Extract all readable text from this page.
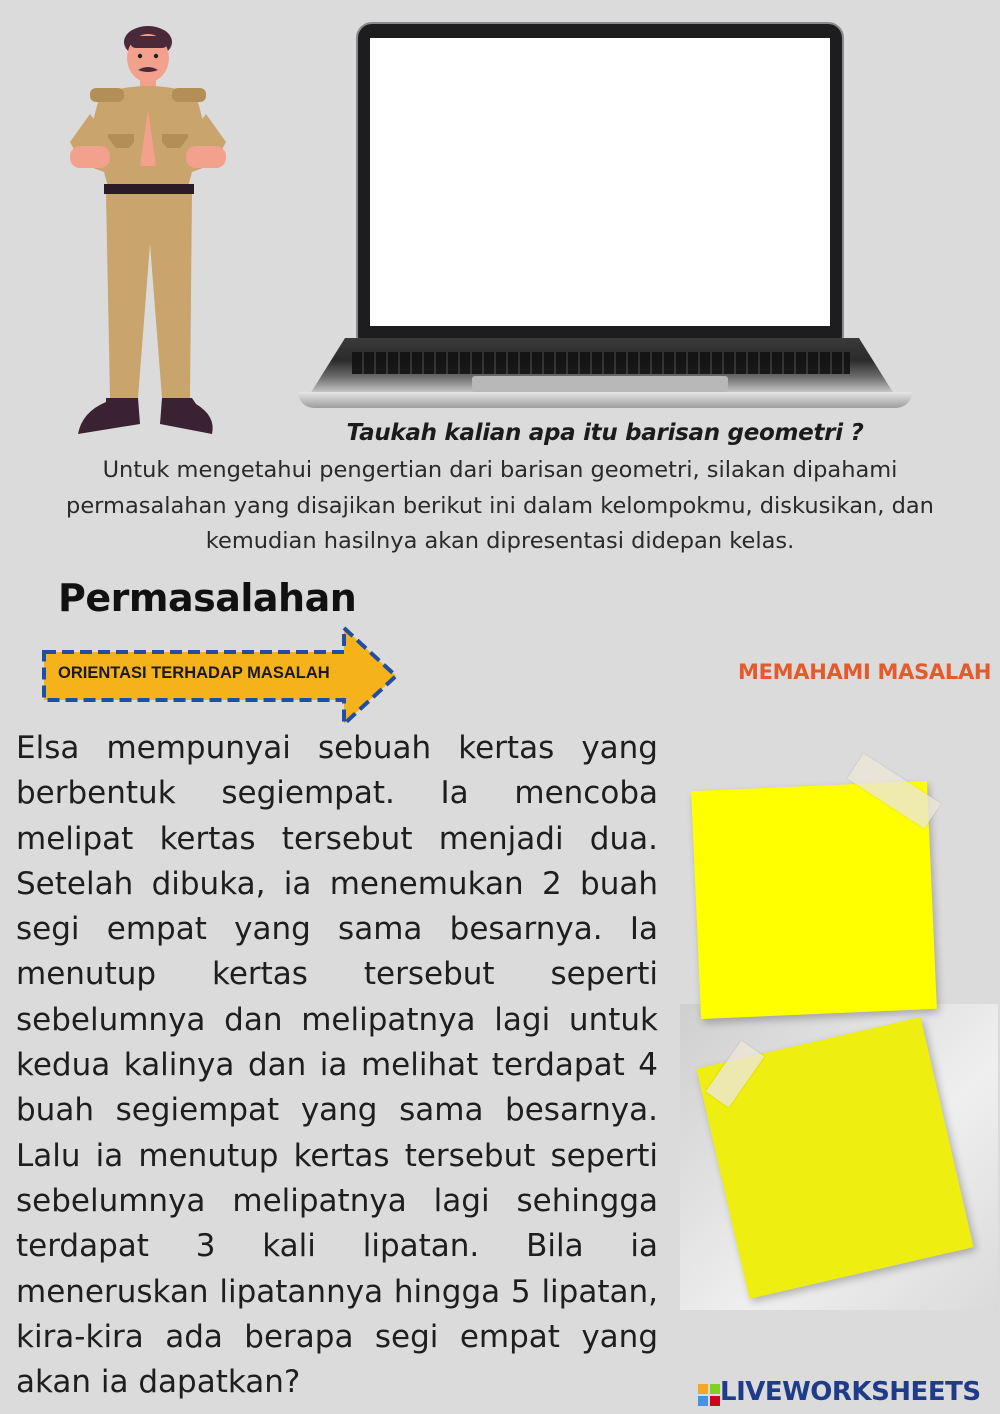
Taukah kalian apa itu barisan geometri ?
Untuk mengetahui pengertian dari barisan geometri, silakan dipahami permasalahan yang disajikan berikut ini dalam kelompokmu, diskusikan, dan kemudian hasilnya akan dipresentasi didepan kelas.
Permasalahan
ORIENTASI TERHADAP MASALAH	MEMAHAMI MASALAH
Elsa mempunyai sebuah kertas yang berbentuk segiempat. Ia mencoba melipat kertas tersebut menjadi dua. Setelah dibuka, ia menemukan 2 buah segi empat yang sama besarnya. Ia menutup kertas tersebut seperti sebelumnya dan melipatnya lagi untuk kedua kalinya dan ia melihat terdapat 4 buah segiempat yang sama besarnya. Lalu ia menutup kertas tersebut seperti sebelumnya melipatnya lagi sehingga terdapat 3 kali lipatan. Bila ia meneruskan lipatannya hingga 5 lipatan, kira-kira ada berapa segi empat yang akan ia dapatkan?	LIVEWORKSHEETS
